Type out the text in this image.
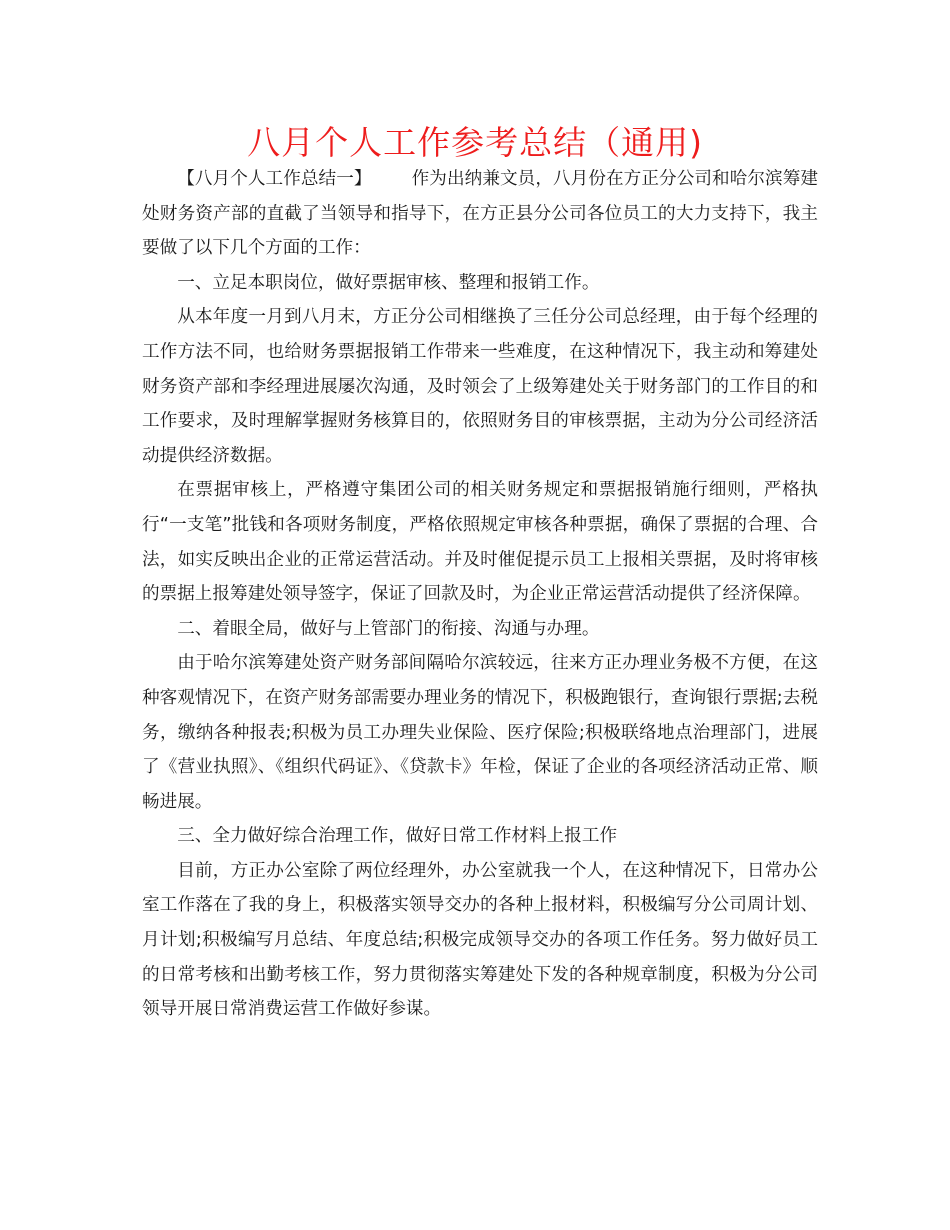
八月个人工作参考总结（通用)

【八月个人工作总结一】 作为出纳兼文员，八月份在方正分公司和哈尔滨筹建处财务资产部的直截了当领导和指导下，在方正县分公司各位员工的大力支持下，我主要做了以下几个方面的工作：

一、立足本职岗位，做好票据审核、整理和报销工作。

从本年度一月到八月末，方正分公司相继换了三任分公司总经理，由于每个经理的工作方法不同，也给财务票据报销工作带来一些难度，在这种情况下，我主动和筹建处财务资产部和李经理进展屡次沟通，及时领会了上级筹建处关于财务部门的工作目的和工作要求，及时理解掌握财务核算目的，依照财务目的审核票据，主动为分公司经济活动提供经济数据。

在票据审核上，严格遵守集团公司的相关财务规定和票据报销施行细则，严格执行“一支笔”批钱和各项财务制度，严格依照规定审核各种票据，确保了票据的合理、合法，如实反映出企业的正常运营活动。并及时催促提示员工上报相关票据，及时将审核的票据上报筹建处领导签字，保证了回款及时，为企业正常运营活动提供了经济保障。

二、着眼全局，做好与上管部门的衔接、沟通与办理。

由于哈尔滨筹建处资产财务部间隔哈尔滨较远，往来方正办理业务极不方便，在这种客观情况下，在资产财务部需要办理业务的情况下，积极跑银行，查询银行票据;去税务，缴纳各种报表;积极为员工办理失业保险、医疗保险;积极联络地点治理部门，进展了《营业执照》、《组织代码证》、《贷款卡》年检，保证了企业的各项经济活动正常、顺畅进展。

三、全力做好综合治理工作，做好日常工作材料上报工作

目前，方正办公室除了两位经理外，办公室就我一个人，在这种情况下，日常办公室工作落在了我的身上，积极落实领导交办的各种上报材料，积极编写分公司周计划、月计划;积极编写月总结、年度总结;积极完成领导交办的各项工作任务。努力做好员工的日常考核和出勤考核工作，努力贯彻落实筹建处下发的各种规章制度，积极为分公司领导开展日常消费运营工作做好参谋。
